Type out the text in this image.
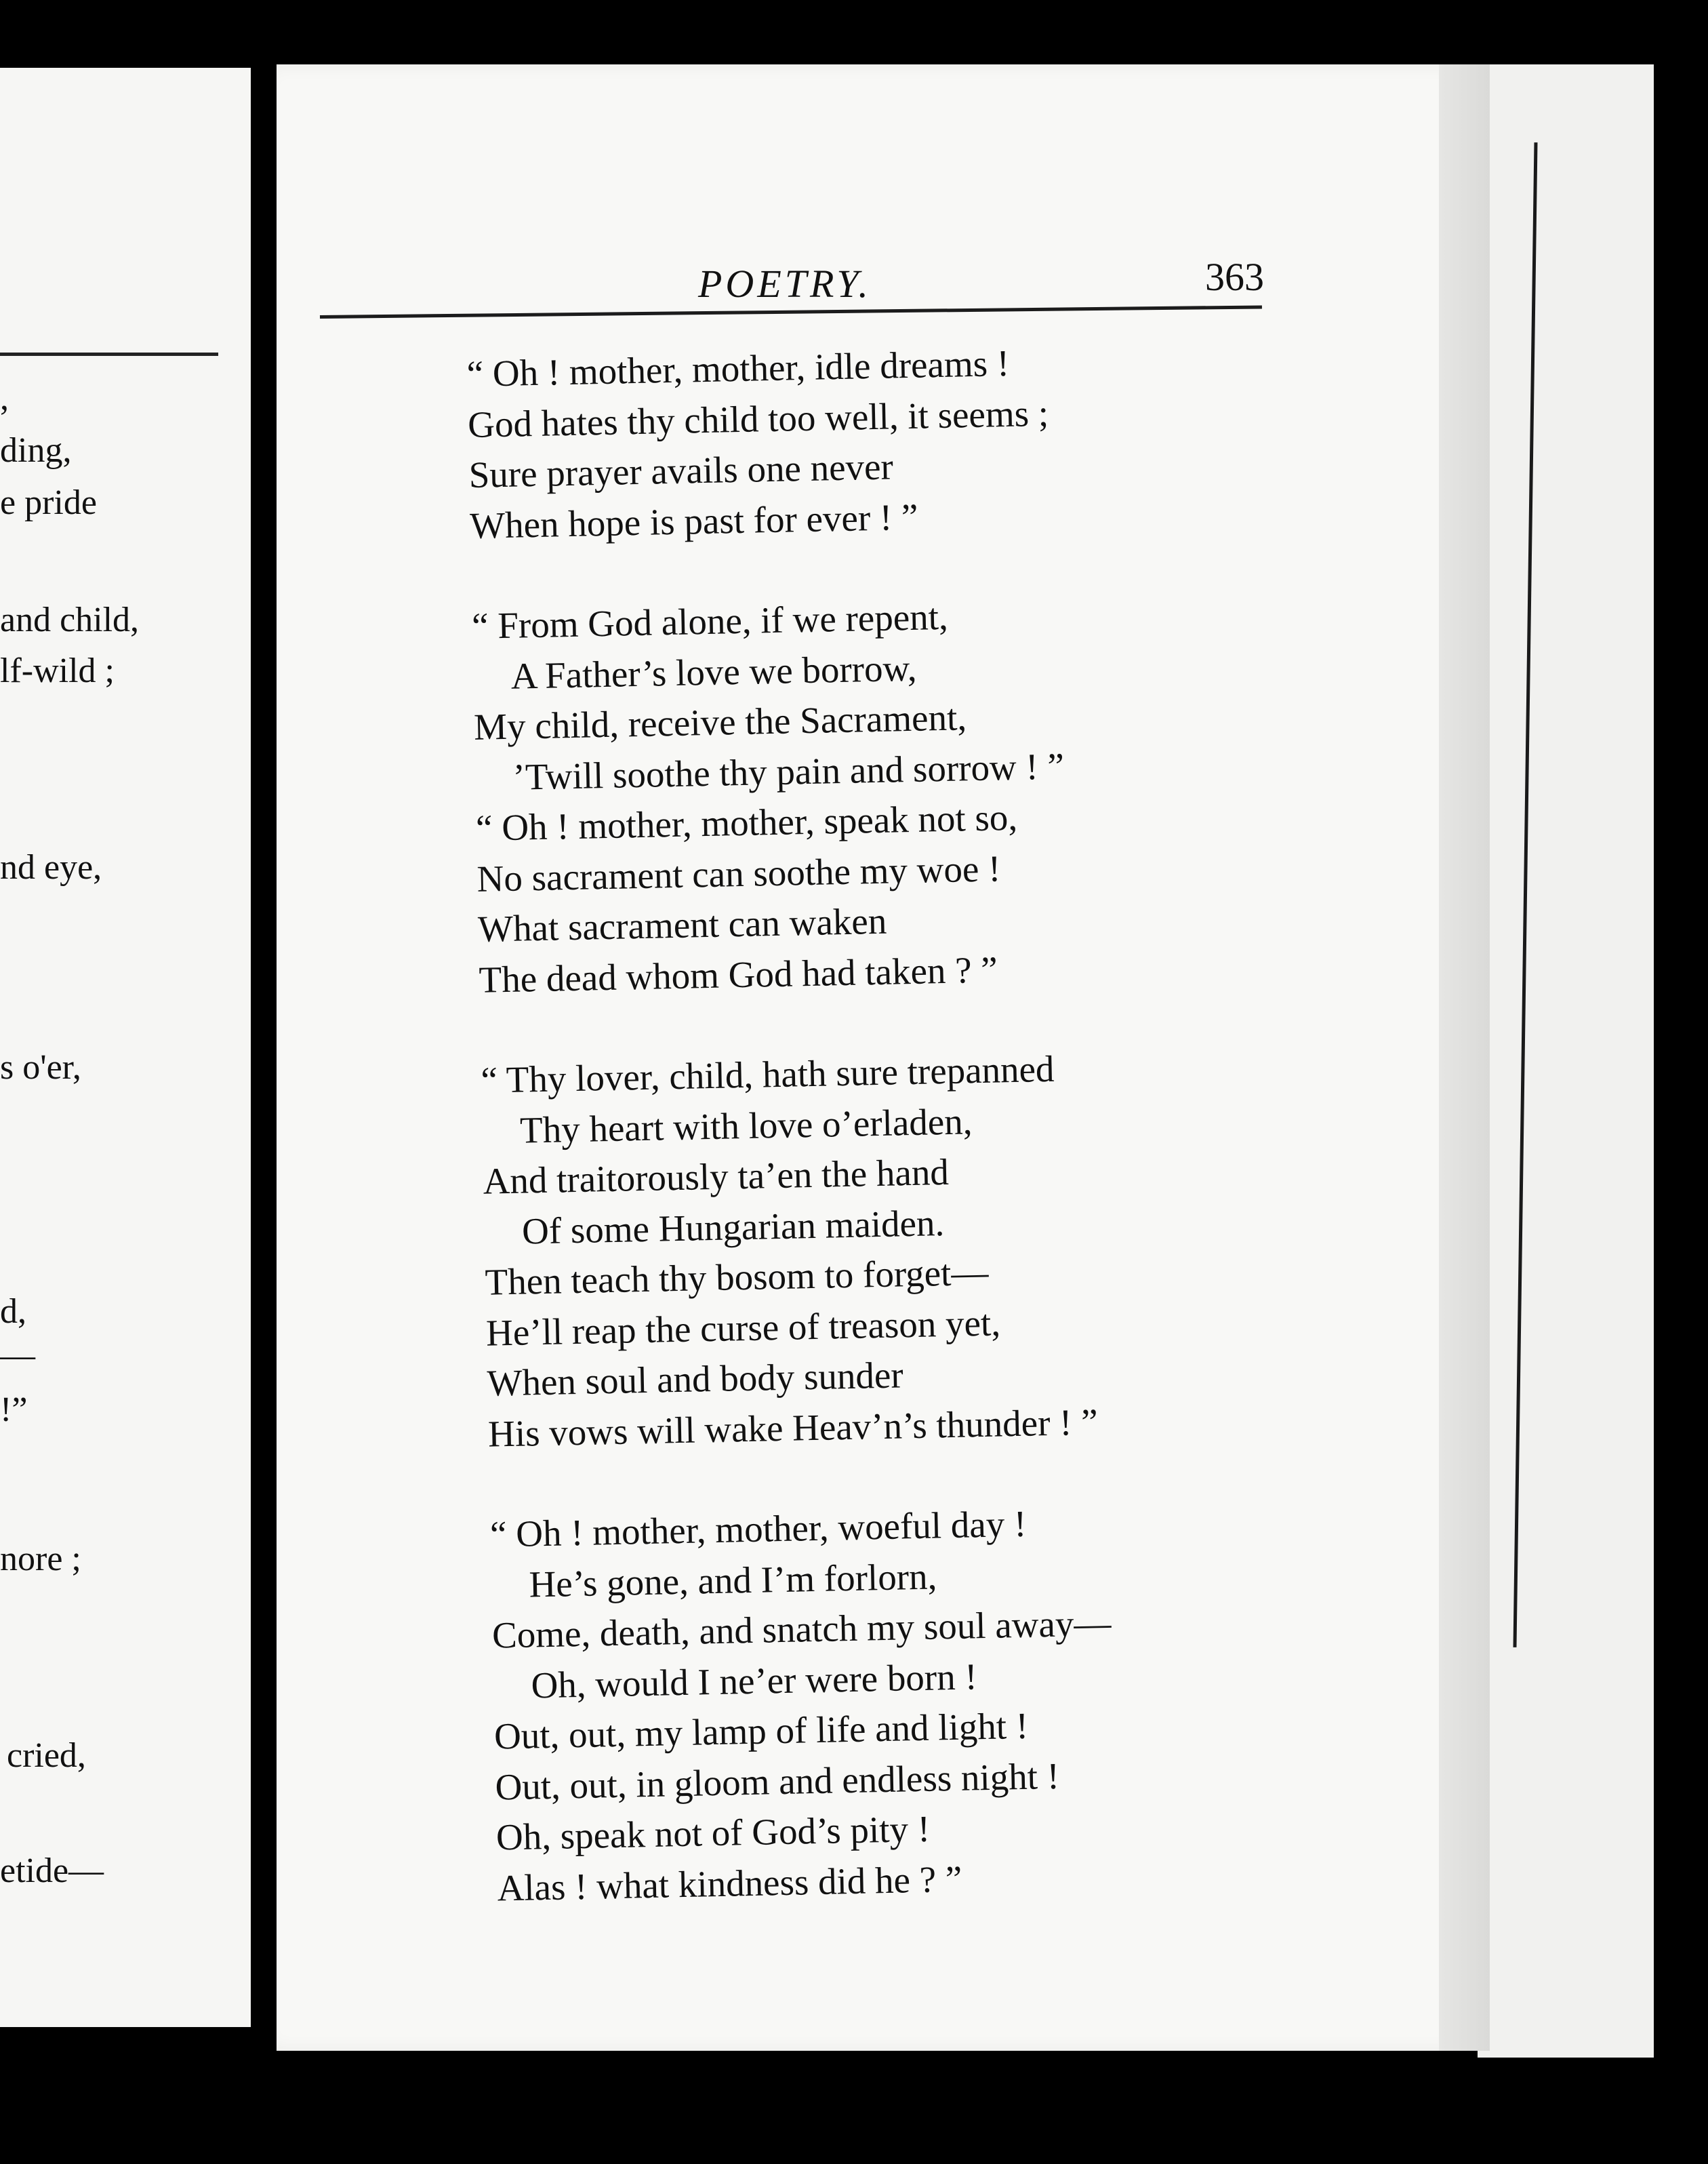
,
ding,
e pride
and child,
lf-wild ;
nd eye,
s o'er,
d,
—
!”
nore ;
cried,
etide—
POETRY.	363

“ Oh ! mother, mother, idle dreams !

God hates thy child too well, it seems ;

Sure prayer avails one never

When hope is past for ever ! ”

“ From God alone, if we repent,

A Father’s love we borrow,

My child, receive the Sacrament,

’Twill soothe thy pain and sorrow ! ”

“ Oh ! mother, mother, speak not so,

No sacrament can soothe my woe !

What sacrament can waken

The dead whom God had taken ? ”

“ Thy lover, child, hath sure trepanned

Thy heart with love o’erladen,

And traitorously ta’en the hand

Of some Hungarian maiden.

Then teach thy bosom to forget—

He’ll reap the curse of treason yet,

When soul and body sunder

His vows will wake Heav’n’s thunder ! ”

“ Oh ! mother, mother, woeful day !

He’s gone, and I’m forlorn,

Come, death, and snatch my soul away—

Oh, would I ne’er were born !

Out, out, my lamp of life and light !

Out, out, in gloom and endless night !

Oh, speak not of God’s pity !

Alas ! what kindness did he ? ”
